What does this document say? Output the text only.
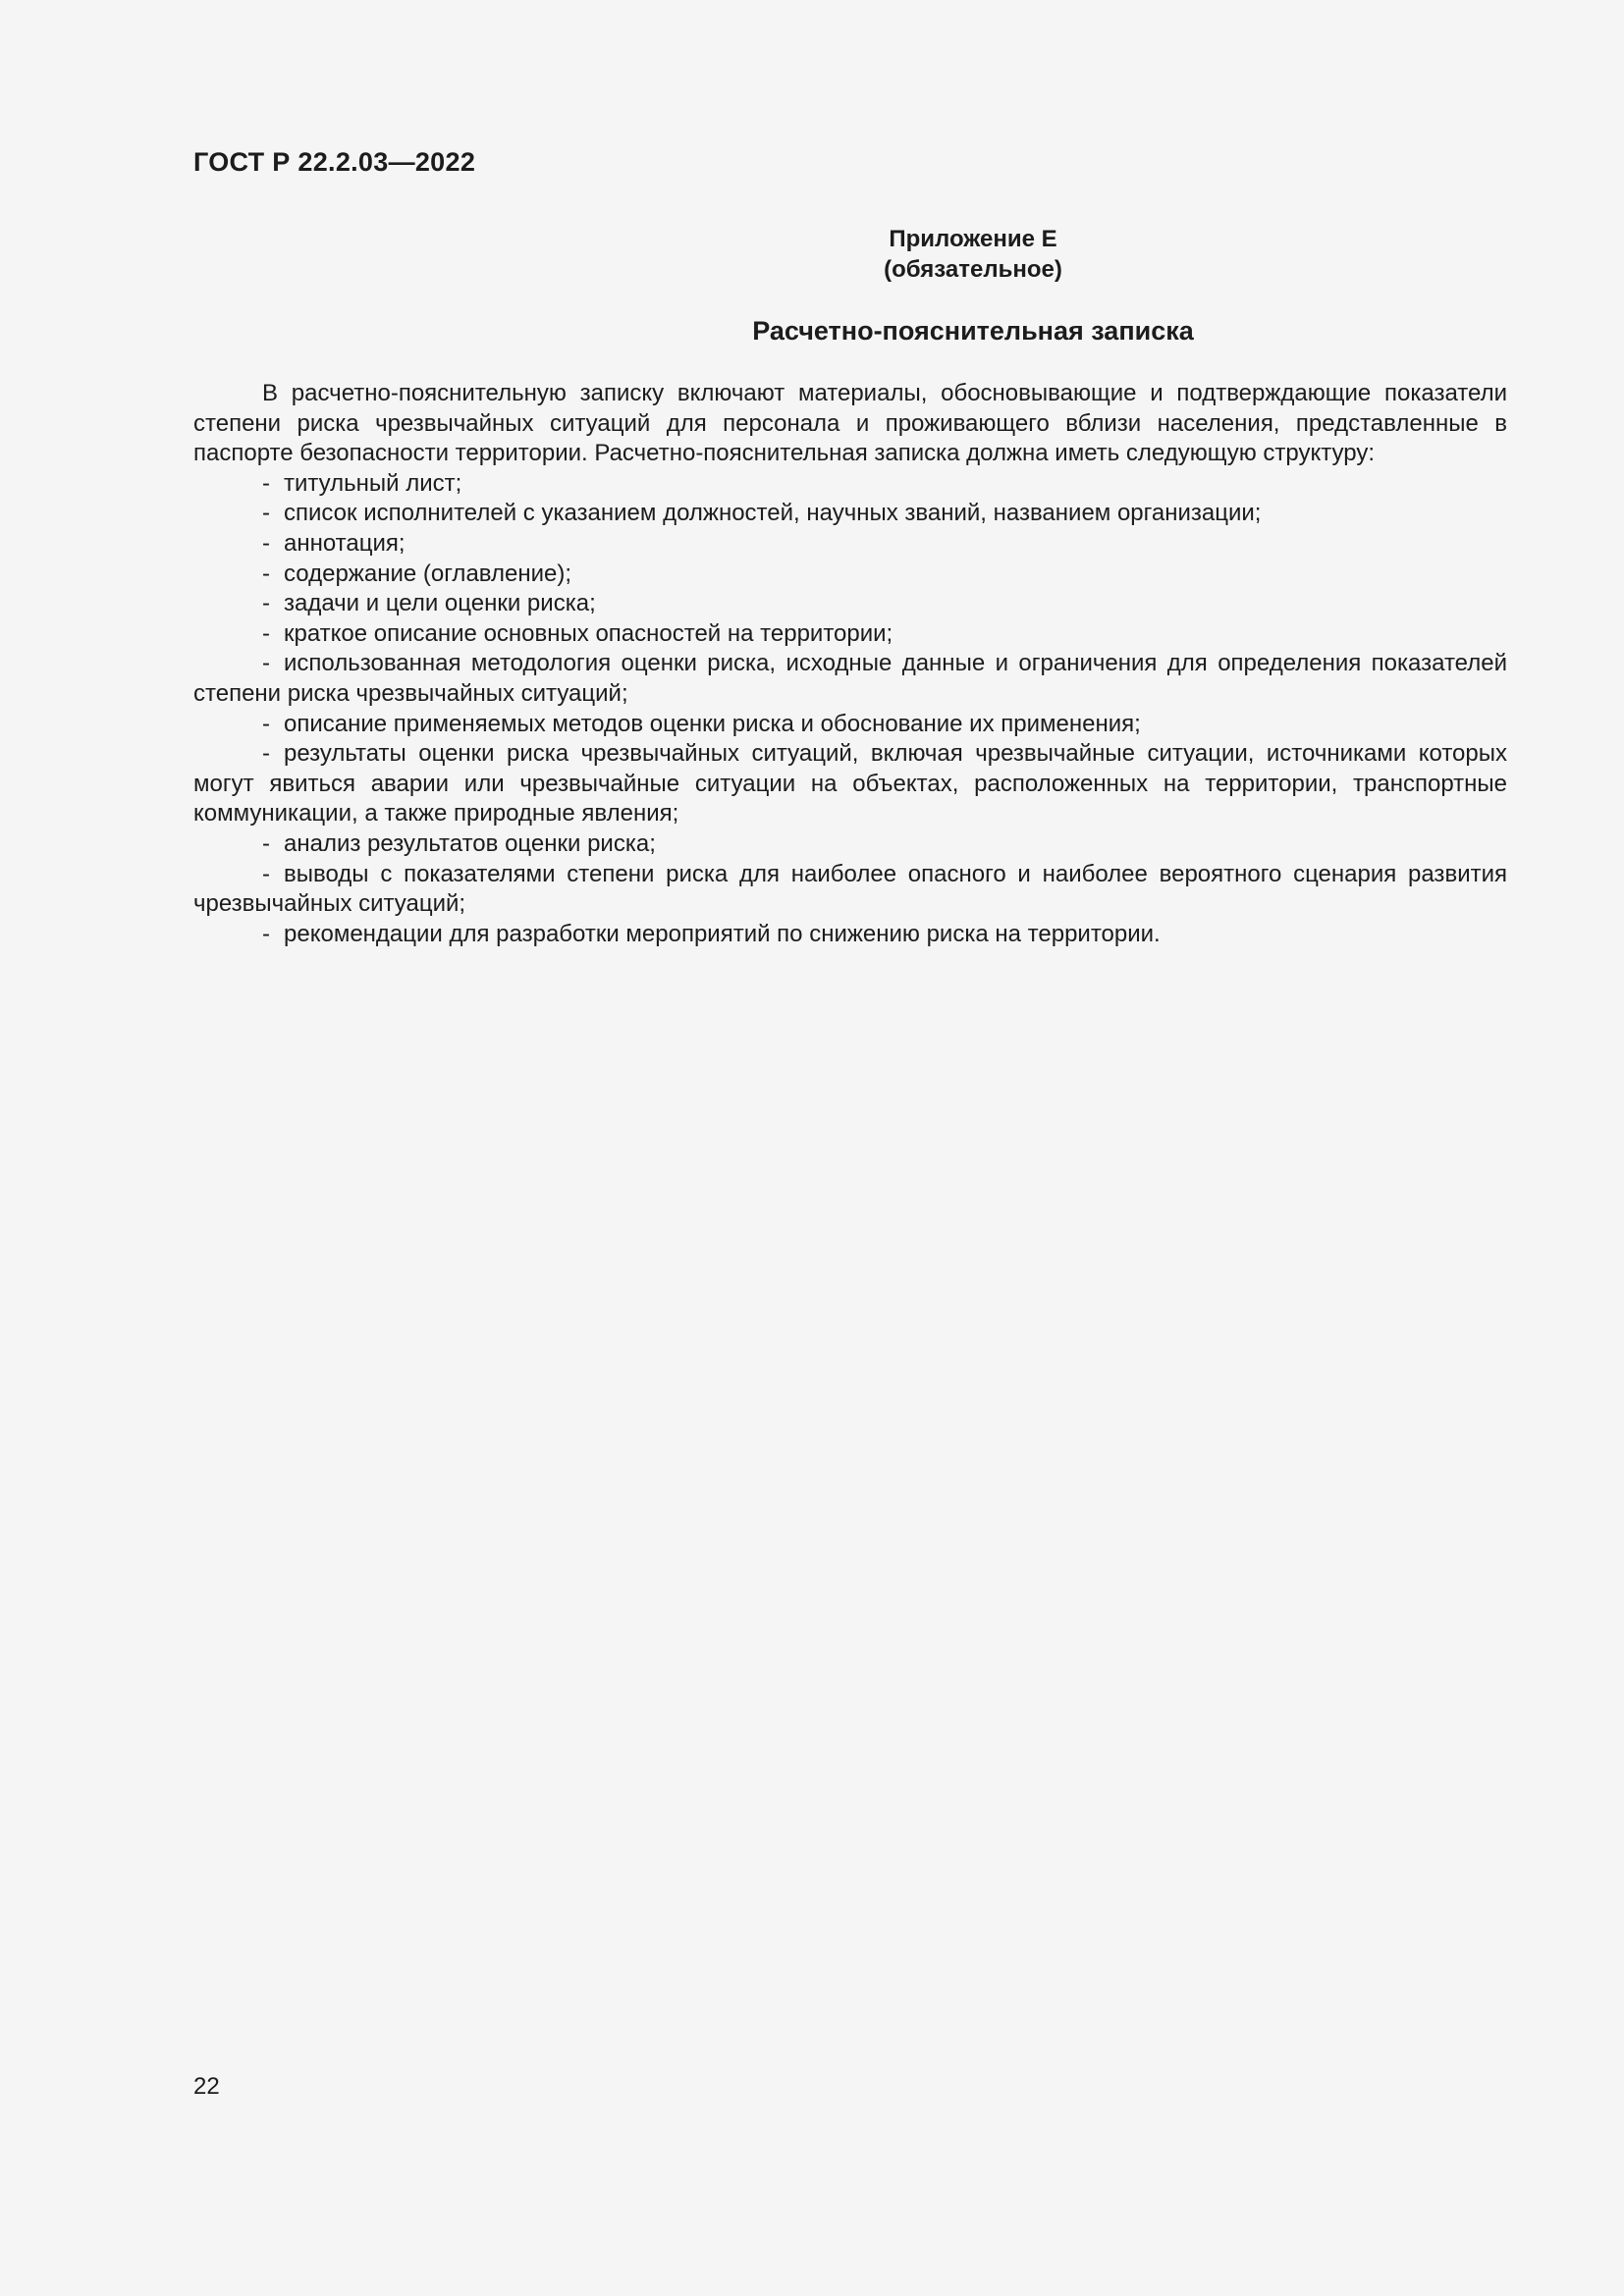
ГОСТ Р 22.2.03—2022
Приложение Е
(обязательное)
Расчетно-пояснительная записка

В расчетно-пояснительную записку включают материалы, обосновывающие и подтверждающие показатели степени риска чрезвычайных ситуаций для персонала и проживающего вблизи населения, представленные в паспорте безопасности территории. Расчетно-пояснительная записка должна иметь следующую структуру:

- титульный лист;

- список исполнителей с указанием должностей, научных званий, названием организации;

- аннотация;

- содержание (оглавление);

- задачи и цели оценки риска;

- краткое описание основных опасностей на территории;

- использованная методология оценки риска, исходные данные и ограничения для определения показателей степени риска чрезвычайных ситуаций;

- описание применяемых методов оценки риска и обоснование их применения;

- результаты оценки риска чрезвычайных ситуаций, включая чрезвычайные ситуации, источниками которых могут явиться аварии или чрезвычайные ситуации на объектах, расположенных на территории, транспортные коммуникации, а также природные явления;

- анализ результатов оценки риска;

- выводы с показателями степени риска для наиболее опасного и наиболее вероятного сценария развития чрезвычайных ситуаций;

- рекомендации для разработки мероприятий по снижению риска на территории.

22
